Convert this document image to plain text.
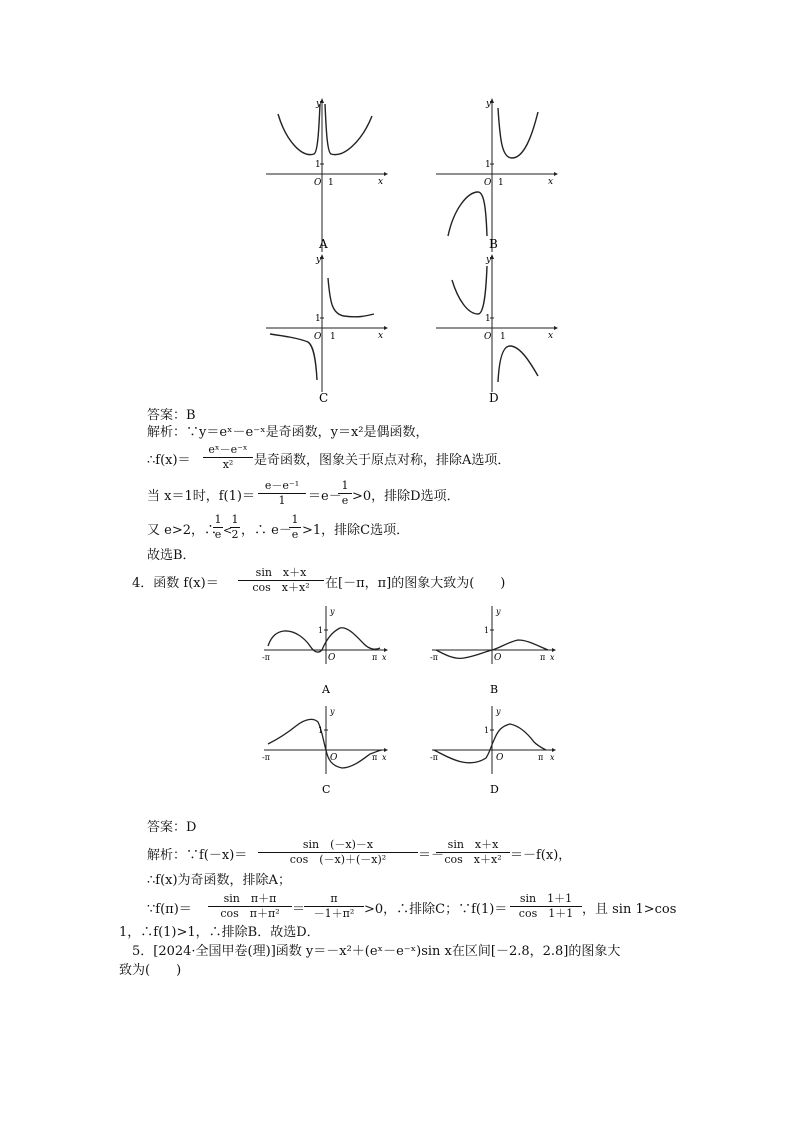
y
x
O 1
1
A
y
x
O 1
1
B
y
x
O 1
1
C
y
x
O 1
1
D
答案：B
解析：∵y＝eˣ－e⁻ˣ是奇函数，y＝x²是偶函数，
∴f(x)＝
eˣ－e⁻ˣ
x²	是奇函数，图象关于原点对称，排除A选项．
当 x＝1时，f(1)＝
e－e⁻¹
1	＝e－
1
e >0，排除D选项．
又 e>2，∴
1
e <
1
2 ，∴ e－
1
e >1，排除C选项．
故选B．
4．函数 f(x)＝
sin　x＋x
cos　x＋x²	在[－π，π]的图象大致为(　　)
y
x
O
1
-π	π
A
y
x
O
1
-π	π
B
y
x
O
1
-π	π
C
y
x
O
1
-π	π
D
答案：D
解析：∵f(－x)＝
sin　(－x)－x
cos　(－x)＋(－x)²	＝－
sin　x＋x
cos　x＋x² ＝－f(x)，
∴f(x)为奇函数，排除A；
∵f(π)＝
sin　π＋π
cos　π＋π² ＝
π
－1＋π² >0，∴排除C；∵f(1)＝
sin　1＋1
cos　1＋1 ，且 sin 1>cos
1，∴f(1)>1，∴排除B．故选D．
5．[2024·全国甲卷(理)]函数 y＝－x²＋(eˣ－e⁻ˣ)sin x在区间[－2.8，2.8]的图象大
致为(　　)
